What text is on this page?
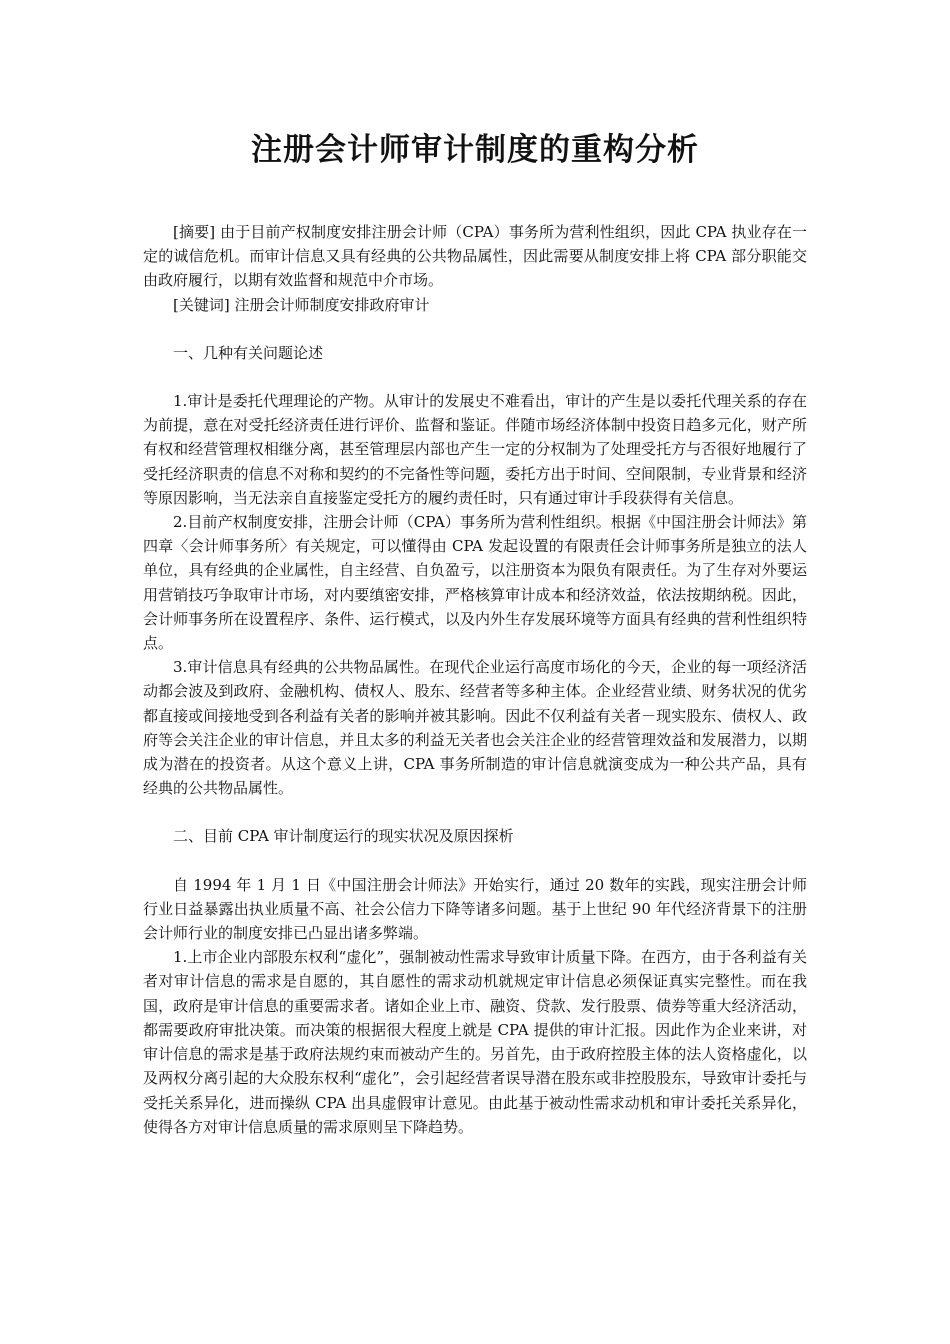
注册会计师审计制度的重构分析

[摘要] 由于目前产权制度安排注册会计师（CPA）事务所为营利性组织，因此 CPA 执业存在一定的诚信危机。而审计信息又具有经典的公共物品属性，因此需要从制度安排上将 CPA 部分职能交由政府履行，以期有效监督和规范中介市场。

[关键词] 注册会计师制度安排政府审计

一、几种有关问题论述

1.审计是委托代理理论的产物。从审计的发展史不难看出，审计的产生是以委托代理关系的存在为前提，意在对受托经济责任进行评价、监督和鉴证。伴随市场经济体制中投资日趋多元化，财产所有权和经营管理权相继分离，甚至管理层内部也产生一定的分权制为了处理受托方与否很好地履行了受托经济职责的信息不对称和契约的不完备性等问题，委托方出于时间、空间限制，专业背景和经济等原因影响，当无法亲自直接鉴定受托方的履约责任时，只有通过审计手段获得有关信息。

2.目前产权制度安排，注册会计师（CPA）事务所为营利性组织。根据《中国注册会计师法》第四章〈会计师事务所〉有关规定，可以懂得由 CPA 发起设置的有限责任会计师事务所是独立的法人单位，具有经典的企业属性，自主经营、自负盈亏，以注册资本为限负有限责任。为了生存对外要运用营销技巧争取审计市场，对内要缜密安排，严格核算审计成本和经济效益，依法按期纳税。因此，会计师事务所在设置程序、条件、运行模式，以及内外生存发展环境等方面具有经典的营利性组织特点。

3.审计信息具有经典的公共物品属性。在现代企业运行高度市场化的今天，企业的每一项经济活动都会波及到政府、金融机构、债权人、股东、经营者等多种主体。企业经营业绩、财务状况的优劣都直接或间接地受到各利益有关者的影响并被其影响。因此不仅利益有关者－现实股东、债权人、政府等会关注企业的审计信息，并且太多的利益无关者也会关注企业的经营管理效益和发展潜力，以期成为潜在的投资者。从这个意义上讲，CPA 事务所制造的审计信息就演变成为一种公共产品，具有经典的公共物品属性。

二、目前 CPA 审计制度运行的现实状况及原因探析

自 1994 年 1 月 1 日《中国注册会计师法》开始实行，通过 20 数年的实践，现实注册会计师行业日益暴露出执业质量不高、社会公信力下降等诸多问题。基于上世纪 90 年代经济背景下的注册会计师行业的制度安排已凸显出诸多弊端。

1.上市企业内部股东权利“虚化”，强制被动性需求导致审计质量下降。在西方，由于各利益有关者对审计信息的需求是自愿的，其自愿性的需求动机就规定审计信息必须保证真实完整性。而在我国，政府是审计信息的重要需求者。诸如企业上市、融资、贷款、发行股票、债券等重大经济活动，都需要政府审批决策。而决策的根据很大程度上就是 CPA 提供的审计汇报。因此作为企业来讲，对审计信息的需求是基于政府法规约束而被动产生的。另首先，由于政府控股主体的法人资格虚化，以及两权分离引起的大众股东权利“虚化”，会引起经营者误导潜在股东或非控股股东，导致审计委托与受托关系异化，进而操纵 CPA 出具虚假审计意见。由此基于被动性需求动机和审计委托关系异化，使得各方对审计信息质量的需求原则呈下降趋势。
